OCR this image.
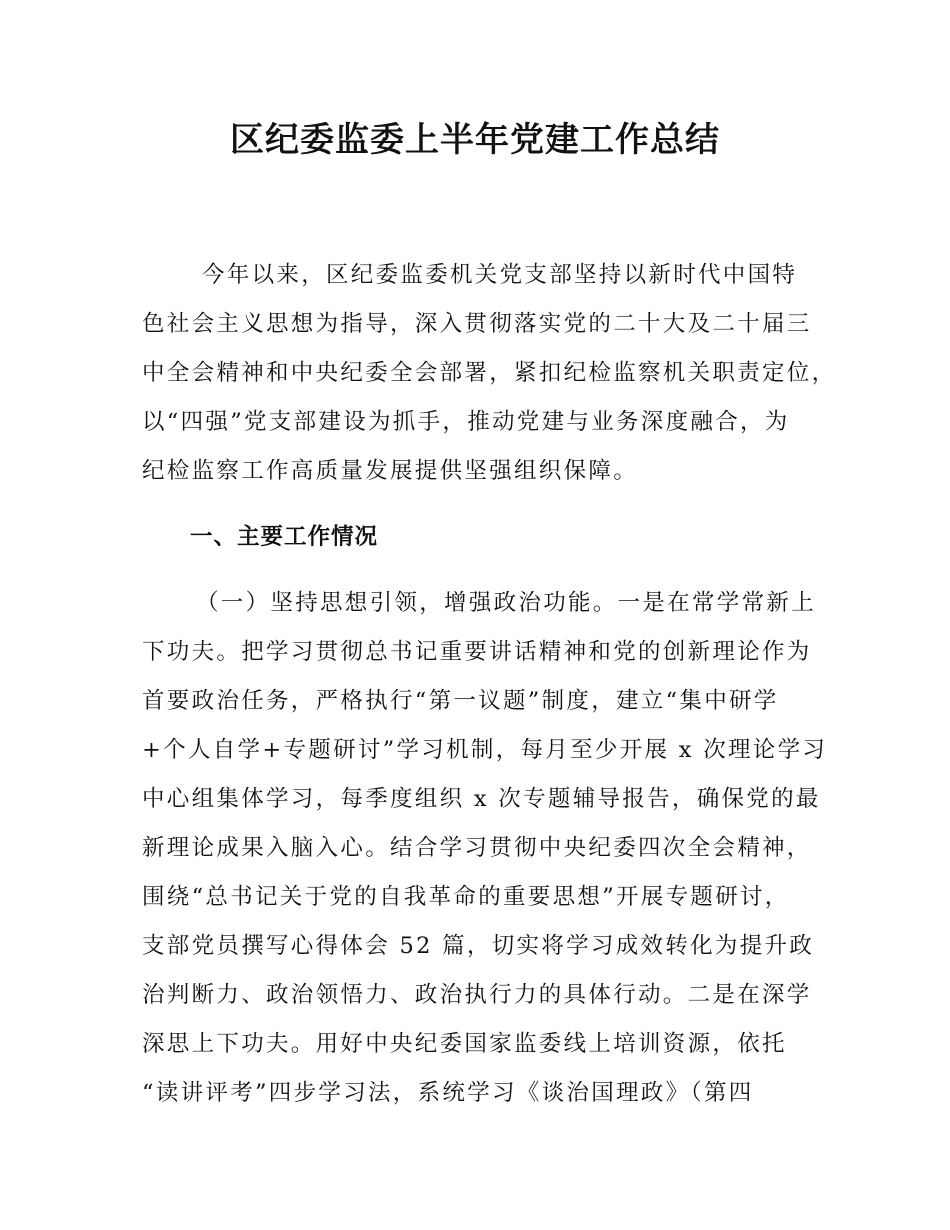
区纪委监委上半年党建工作总结
今年以来，区纪委监委机关党支部坚持以新时代中国特
色社会主义思想为指导，深入贯彻落实党的二十大及二十届三
中全会精神和中央纪委全会部署，紧扣纪检监察机关职责定位，
以“四强”党支部建设为抓手，推动党建与业务深度融合，为
纪检监察工作高质量发展提供坚强组织保障。
一、主要工作情况
（一）坚持思想引领，增强政治功能。一是在常学常新上
下功夫。把学习贯彻总书记重要讲话精神和党的创新理论作为
首要政治任务，严格执行“第一议题”制度，建立“集中研学
+个人自学+专题研讨”学习机制，每月至少开展 x 次理论学习
中心组集体学习，每季度组织 x 次专题辅导报告，确保党的最
新理论成果入脑入心。结合学习贯彻中央纪委四次全会精神，
围绕“总书记关于党的自我革命的重要思想”开展专题研讨，
支部党员撰写心得体会 52 篇，切实将学习成效转化为提升政
治判断力、政治领悟力、政治执行力的具体行动。二是在深学
深思上下功夫。用好中央纪委国家监委线上培训资源，依托
“读讲评考”四步学习法，系统学习《谈治国理政》（第四
